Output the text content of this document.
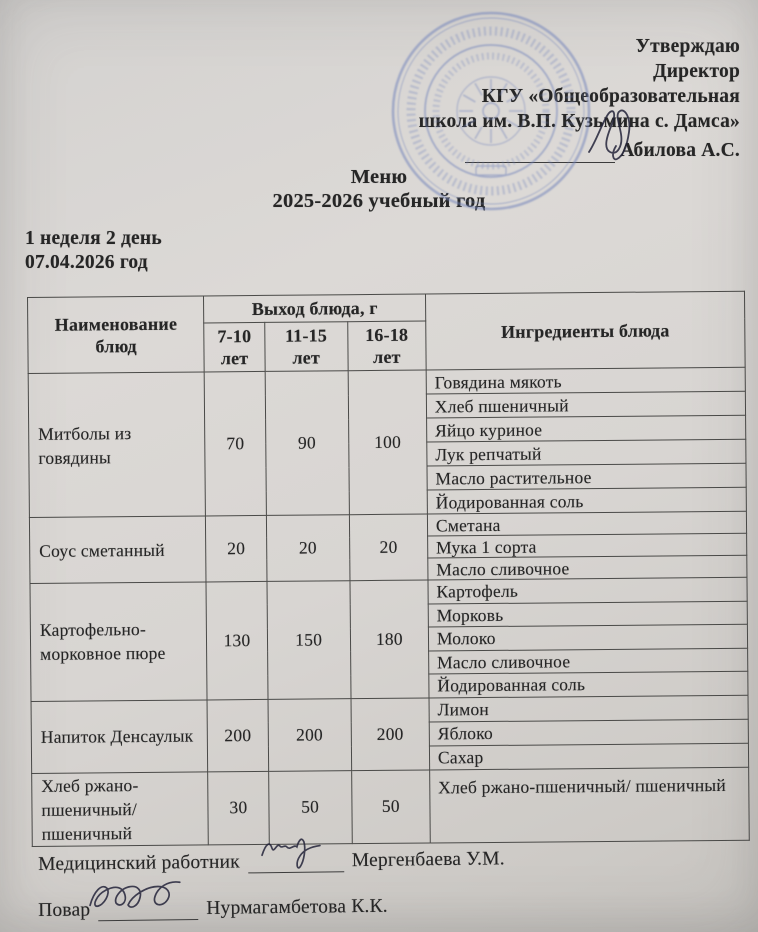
Утверждаю
Директор
КГУ «Общеобразовательная
школа им. В.П. Кузьмина с. Дамса»
Абилова А.С.
Меню
2025-2026 учебный год
1 неделя 2 день
07.04.2026 год
Наименование блюд	Выход блюда, г			Ингредиенты блюда
	7-10 лет	11-15 лет	16-18 лет	
Митболы из говядины	70	90	100	Говядина мякоть
				Хлеб пшеничный
				Яйцо куриное
				Лук репчатый
				Масло растительное
				Йодированная соль
Соус сметанный	20	20	20	Сметана
				Мука 1 сорта
				Масло сливочное
Картофельно-морковное пюре	130	150	180	Картофель
				Морковь
				Молоко
				Масло сливочное
				Йодированная соль
Напиток Денсаулык	200	200	200	Лимон
				Яблоко
				Сахар
Хлеб ржано-пшеничный/ пшеничный	30	50	50	Хлеб ржано-пшеничный/ пшеничный
Медицинский работник	Мергенбаева У.М.
Повар	Нурмагамбетова К.К.
